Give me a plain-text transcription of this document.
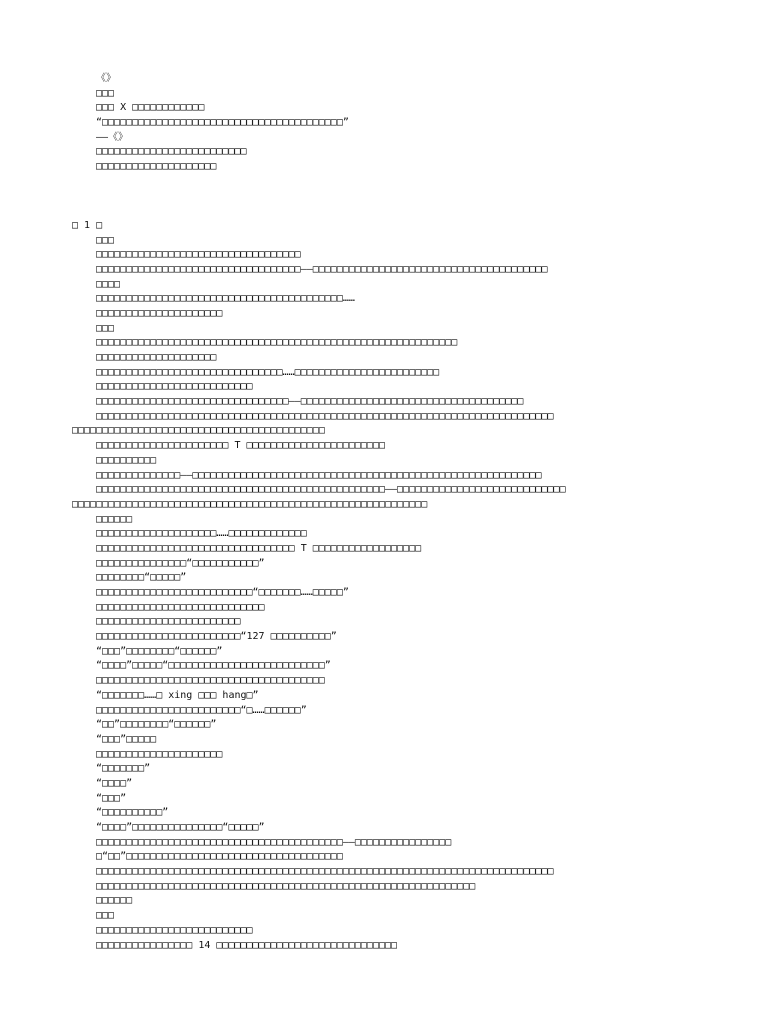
《》
□□□
□□□ X □□□□□□□□□□□□
“□□□□□□□□□□□□□□□□□□□□□□□□□□□□□□□□□□□□□□□□”
——《》
□□□□□□□□□□□□□□□□□□□□□□□□□
□□□□□□□□□□□□□□□□□□□□
□ 1 □
□□□
□□□□□□□□□□□□□□□□□□□□□□□□□□□□□□□□□□
□□□□□□□□□□□□□□□□□□□□□□□□□□□□□□□□□□——□□□□□□□□□□□□□□□□□□□□□□□□□□□□□□□□□□□□□□□
□□□□
□□□□□□□□□□□□□□□□□□□□□□□□□□□□□□□□□□□□□□□□□……
□□□□□□□□□□□□□□□□□□□□□
□□□
□□□□□□□□□□□□□□□□□□□□□□□□□□□□□□□□□□□□□□□□□□□□□□□□□□□□□□□□□□□□
□□□□□□□□□□□□□□□□□□□□
□□□□□□□□□□□□□□□□□□□□□□□□□□□□□□□……□□□□□□□□□□□□□□□□□□□□□□□□
□□□□□□□□□□□□□□□□□□□□□□□□□□
□□□□□□□□□□□□□□□□□□□□□□□□□□□□□□□□——□□□□□□□□□□□□□□□□□□□□□□□□□□□□□□□□□□□□□
□□□□□□□□□□□□□□□□□□□□□□□□□□□□□□□□□□□□□□□□□□□□□□□□□□□□□□□□□□□□□□□□□□□□□□□□□□□□
□□□□□□□□□□□□□□□□□□□□□□□□□□□□□□□□□□□□□□□□□□
□□□□□□□□□□□□□□□□□□□□□□ T □□□□□□□□□□□□□□□□□□□□□□□
□□□□□□□□□□
□□□□□□□□□□□□□□——□□□□□□□□□□□□□□□□□□□□□□□□□□□□□□□□□□□□□□□□□□□□□□□□□□□□□□□□□□
□□□□□□□□□□□□□□□□□□□□□□□□□□□□□□□□□□□□□□□□□□□□□□□□——□□□□□□□□□□□□□□□□□□□□□□□□□□□□
□□□□□□□□□□□□□□□□□□□□□□□□□□□□□□□□□□□□□□□□□□□□□□□□□□□□□□□□□□□
□□□□□□
□□□□□□□□□□□□□□□□□□□□……□□□□□□□□□□□□□
□□□□□□□□□□□□□□□□□□□□□□□□□□□□□□□□□ T □□□□□□□□□□□□□□□□□□
□□□□□□□□□□□□□□□“□□□□□□□□□□□”
□□□□□□□□“□□□□□”
□□□□□□□□□□□□□□□□□□□□□□□□□□“□□□□□□□……□□□□□”
□□□□□□□□□□□□□□□□□□□□□□□□□□□□
□□□□□□□□□□□□□□□□□□□□□□□□
□□□□□□□□□□□□□□□□□□□□□□□□“127 □□□□□□□□□□”
“□□□”□□□□□□□□“□□□□□□”
“□□□□”□□□□□“□□□□□□□□□□□□□□□□□□□□□□□□□□”
□□□□□□□□□□□□□□□□□□□□□□□□□□□□□□□□□□□□□□
“□□□□□□□……□ xing □□□ hang□”
□□□□□□□□□□□□□□□□□□□□□□□□“□……□□□□□□”
“□□”□□□□□□□□“□□□□□□”
“□□□”□□□□□
□□□□□□□□□□□□□□□□□□□□□
“□□□□□□□”
“□□□□”
“□□□”
“□□□□□□□□□□”
“□□□□”□□□□□□□□□□□□□□□“□□□□□”
□□□□□□□□□□□□□□□□□□□□□□□□□□□□□□□□□□□□□□□□□——□□□□□□□□□□□□□□□□
□“□□”□□□□□□□□□□□□□□□□□□□□□□□□□□□□□□□□□□□□
□□□□□□□□□□□□□□□□□□□□□□□□□□□□□□□□□□□□□□□□□□□□□□□□□□□□□□□□□□□□□□□□□□□□□□□□□□□□
□□□□□□□□□□□□□□□□□□□□□□□□□□□□□□□□□□□□□□□□□□□□□□□□□□□□□□□□□□□□□□□
□□□□□□
□□□
□□□□□□□□□□□□□□□□□□□□□□□□□□
□□□□□□□□□□□□□□□□ 14 □□□□□□□□□□□□□□□□□□□□□□□□□□□□□□
